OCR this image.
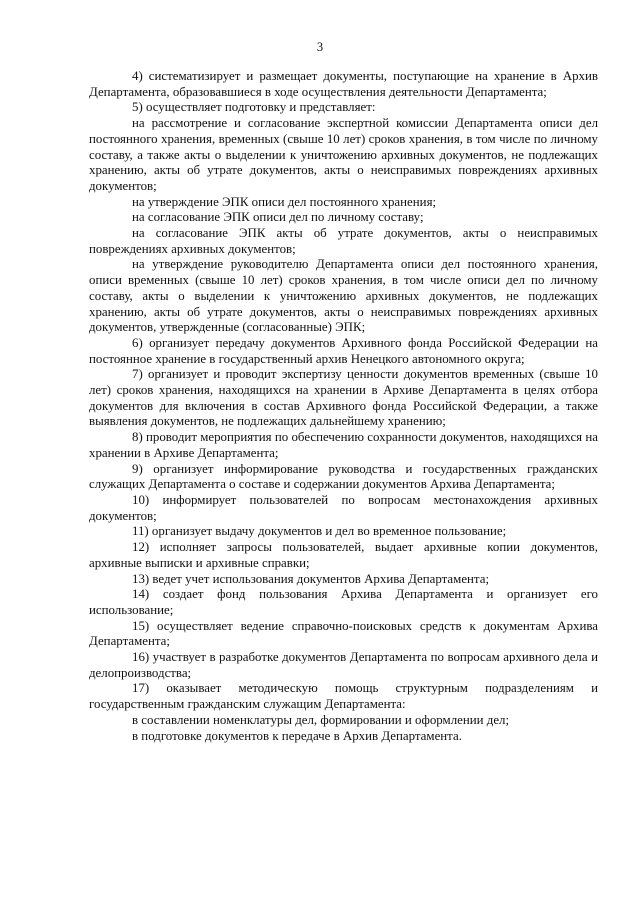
3

4) систематизирует и размещает документы, поступающие на хранение в Архив Департамента, образовавшиеся в ходе осуществления деятельности Департамента;

5) осуществляет подготовку и представляет:

на рассмотрение и согласование экспертной комиссии Департамента описи дел постоянного хранения, временных (свыше 10 лет) сроков хранения, в том числе по личному составу, а также акты о выделении к уничтожению архивных документов, не подлежащих хранению, акты об утрате документов, акты о неисправимых повреждениях архивных документов;

на утверждение ЭПК описи дел постоянного хранения;

на согласование ЭПК описи дел по личному составу;

на согласование ЭПК акты об утрате документов, акты о неисправимых повреждениях архивных документов;

на утверждение руководителю Департамента описи дел постоянного хранения, описи временных (свыше 10 лет) сроков хранения, в том числе описи дел по личному составу, акты о выделении к уничтожению архивных документов, не подлежащих хранению, акты об утрате документов, акты о неисправимых повреждениях архивных документов, утвержденные (согласованные) ЭПК;

6) организует передачу документов Архивного фонда Российской Федерации на постоянное хранение в государственный архив Ненецкого автономного округа;

7) организует и проводит экспертизу ценности документов временных (свыше 10 лет) сроков хранения, находящихся на хранении в Архиве Департамента в целях отбора документов для включения в состав Архивного фонда Российской Федерации, а также выявления документов, не подлежащих дальнейшему хранению;

8) проводит мероприятия по обеспечению сохранности документов, находящихся на хранении в Архиве Департамента;

9) организует информирование руководства и государственных гражданских служащих Департамента о составе и содержании документов Архива Департамента;

10) информирует пользователей по вопросам местонахождения архивных документов;

11) организует выдачу документов и дел во временное пользование;

12) исполняет запросы пользователей, выдает архивные копии документов, архивные выписки и архивные справки;

13) ведет учет использования документов Архива Департамента;

14) создает фонд пользования Архива Департамента и организует его использование;

15) осуществляет ведение справочно-поисковых средств к документам Архива Департамента;

16) участвует в разработке документов Департамента по вопросам архивного дела и делопроизводства;

17) оказывает методическую помощь структурным подразделениям и государственным гражданским служащим Департамента:

в составлении номенклатуры дел, формировании и оформлении дел;

в подготовке документов к передаче в Архив Департамента.
